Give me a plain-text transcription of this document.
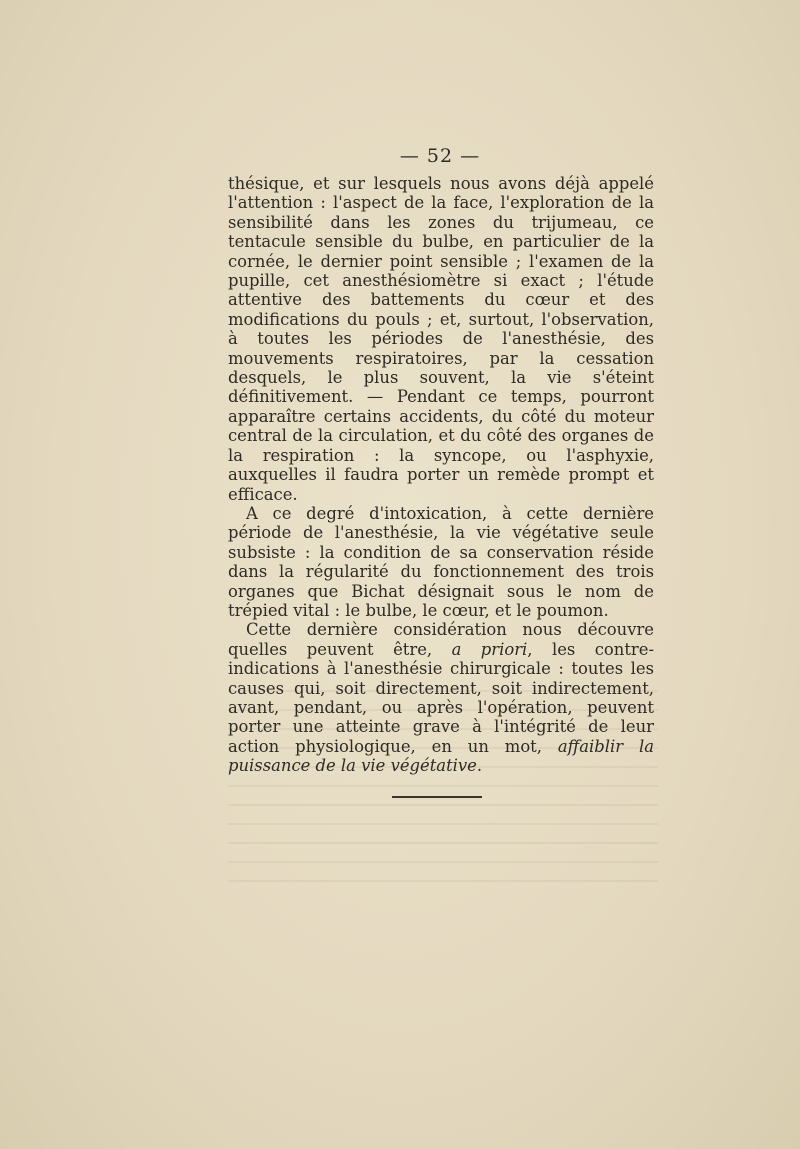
— 52 —

thésique, et sur lesquels nous avons déjà appelé l'attention : l'aspect de la face, l'exploration de la sensibilité dans les zones du trijumeau, ce tentacule sensible du bulbe, en particulier de la cornée, le dernier point sensible ; l'examen de la pupille, cet anesthésiomètre si exact ; l'étude attentive des battements du cœur et des modifications du pouls ; et, surtout, l'observation, à toutes les périodes de l'anesthésie, des mouvements respiratoires, par la cessation desquels, le plus souvent, la vie s'éteint définitivement. — Pendant ce temps, pourront apparaître certains accidents, du côté du moteur central de la circulation, et du côté des organes de la respiration : la syncope, ou l'asphyxie, auxquelles il faudra porter un remède prompt et efficace.

A ce degré d'intoxication, à cette dernière période de l'anesthésie, la vie végétative seule subsiste : la condition de sa conservation réside dans la régularité du fonctionnement des trois organes que Bichat désignait sous le nom de trépied vital : le bulbe, le cœur, et le poumon.

Cette dernière considération nous découvre quelles peuvent être, a priori, les contre-indications à l'anesthésie chirurgicale : toutes les causes qui, soit directement, soit indirectement, avant, pendant, ou après l'opération, peuvent porter une atteinte grave à l'intégrité de leur action physiologique, en un mot, affaiblir la puissance de la vie végétative.
